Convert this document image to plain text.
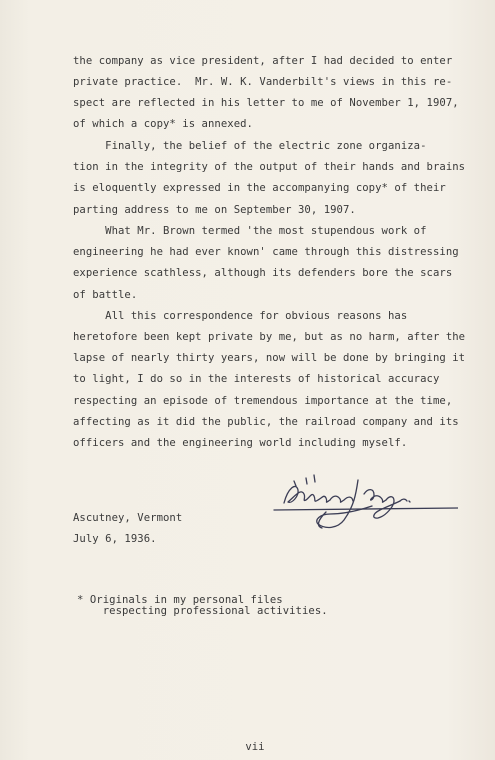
the company as vice president, after I had decided to enter
private practice.  Mr. W. K. Vanderbilt's views in this re-
spect are reflected in his letter to me of November 1, 1907,
of which a copy* is annexed.
Finally, the belief of the electric zone organiza-
tion in the integrity of the output of their hands and brains
is eloquently expressed in the accompanying copy* of their
parting address to me on September 30, 1907.
What Mr. Brown termed 'the most stupendous work of
engineering he had ever known' came through this distressing
experience scathless, although its defenders bore the scars
of battle.
All this correspondence for obvious reasons has
heretofore been kept private by me, but as no harm, after the
lapse of nearly thirty years, now will be done by bringing it
to light, I do so in the interests of historical accuracy
respecting an episode of tremendous importance at the time,
affecting as it did the public, the railroad company and its
officers and the engineering world including myself.
Ascutney, Vermont
July 6, 1936.
* Originals in my personal files
respecting professional activities.
vii
